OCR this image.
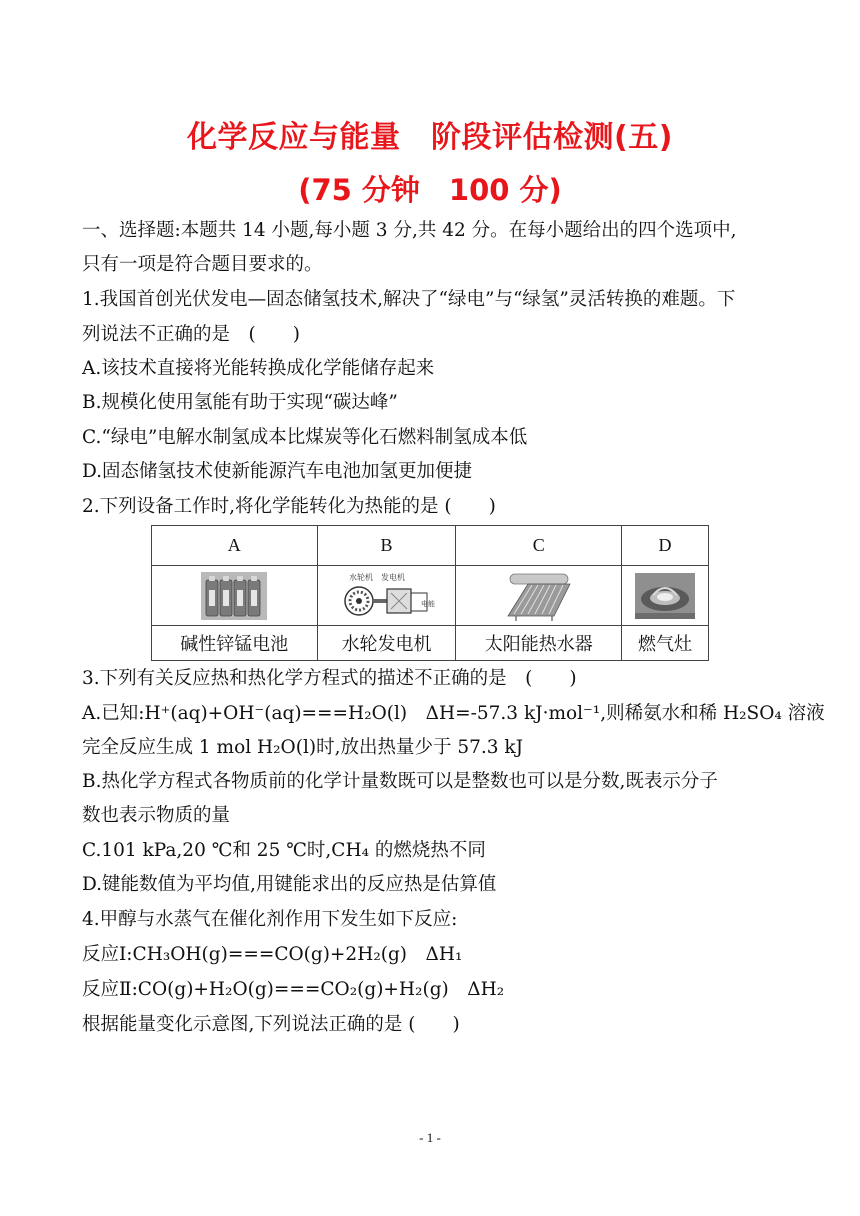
化学反应与能量　阶段评估检测(五)
(75 分钟　100 分)
一、选择题:本题共 14 小题,每小题 3 分,共 42 分。在每小题给出的四个选项中,
只有一项是符合题目要求的。
1.我国首创光伏发电—固态储氢技术,解决了“绿电”与“绿氢”灵活转换的难题。下
列说法不正确的是　(　　)
A.该技术直接将光能转换成化学能储存起来
B.规模化使用氢能有助于实现“碳达峰”
C.“绿电”电解水制氢成本比煤炭等化石燃料制氢成本低
D.固态储氢技术使新能源汽车电池加氢更加便捷
2.下列设备工作时,将化学能转化为热能的是 (　　)
A	B	C	D

水轮机 发电机
电能

碱性锌锰电池	水轮发电机	太阳能热水器	燃气灶
3.下列有关反应热和热化学方程式的描述不正确的是　(　　)
A.已知:H⁺(aq)+OH⁻(aq)===H₂O(l)　ΔH=-57.3 kJ·mol⁻¹,则稀氨水和稀 H₂SO₄ 溶液
完全反应生成 1 mol H₂O(l)时,放出热量少于 57.3 kJ
B.热化学方程式各物质前的化学计量数既可以是整数也可以是分数,既表示分子
数也表示物质的量
C.101 kPa,20 ℃和 25 ℃时,CH₄ 的燃烧热不同
D.键能数值为平均值,用键能求出的反应热是估算值
4.甲醇与水蒸气在催化剂作用下发生如下反应:
反应Ⅰ:CH₃OH(g)===CO(g)+2H₂(g)　ΔH₁
反应Ⅱ:CO(g)+H₂O(g)===CO₂(g)+H₂(g)　ΔH₂
根据能量变化示意图,下列说法正确的是 (　　)
- 1 -
